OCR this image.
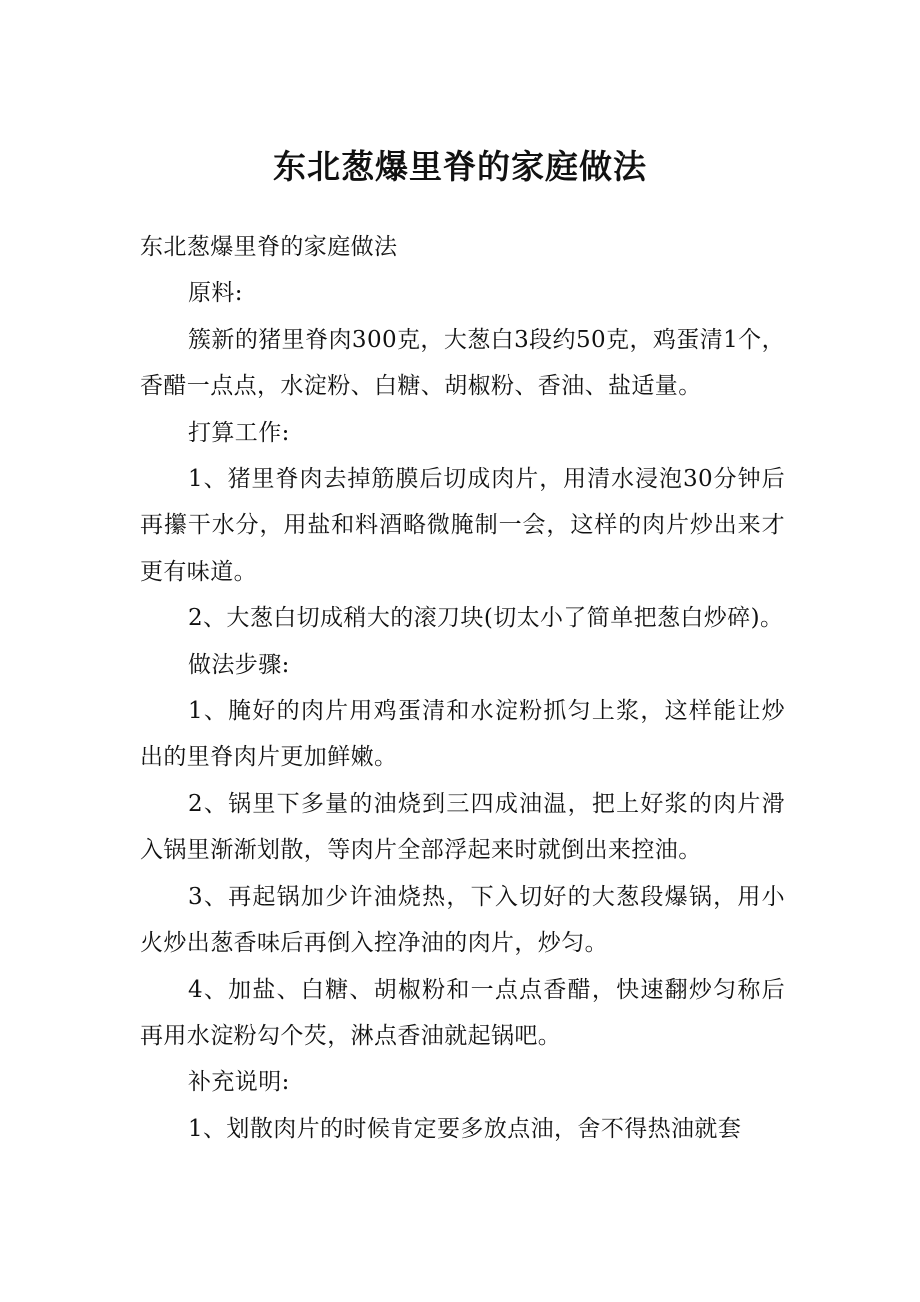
东北葱爆里脊的家庭做法

东北葱爆里脊的家庭做法

原料:

簇新的猪里脊肉300克，大葱白3段约50克，鸡蛋清1个，香醋一点点，水淀粉、白糖、胡椒粉、香油、盐适量。

打算工作:

1、猪里脊肉去掉筋膜后切成肉片，用清水浸泡30分钟后再攥干水分，用盐和料酒略微腌制一会，这样的肉片炒出来才更有味道。

2、大葱白切成稍大的滚刀块(切太小了简单把葱白炒碎)。

做法步骤:

1、腌好的肉片用鸡蛋清和水淀粉抓匀上浆，这样能让炒出的里脊肉片更加鲜嫩。

2、锅里下多量的油烧到三四成油温，把上好浆的肉片滑入锅里渐渐划散，等肉片全部浮起来时就倒出来控油。

3、再起锅加少许油烧热，下入切好的大葱段爆锅，用小火炒出葱香味后再倒入控净油的肉片，炒匀。

4、加盐、白糖、胡椒粉和一点点香醋，快速翻炒匀称后再用水淀粉勾个芡，淋点香油就起锅吧。

补充说明:

1、划散肉片的时候肯定要多放点油，舍不得热油就套
